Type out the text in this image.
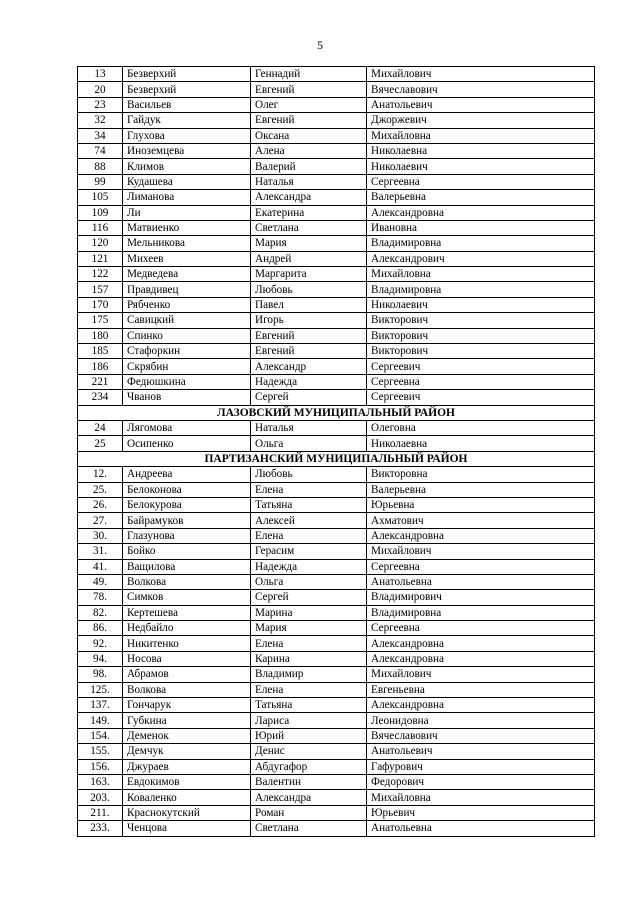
5
13	Безверхий	Геннадий	Михайлович
20	Безверхий	Евгений	Вячеславович
23	Васильев	Олег	Анатольевич
32	Гайдук	Евгений	Джоржевич
34	Глухова	Оксана	Михайловна
74	Иноземцева	Алена	Николаевна
88	Климов	Валерий	Николаевич
99	Кудашева	Наталья	Сергеевна
105	Лиманова	Александра	Валерьевна
109	Ли	Екатерина	Александровна
116	Матвиенко	Светлана	Ивановна
120	Мельникова	Мария	Владимировна
121	Михеев	Андрей	Александрович
122	Медведева	Маргарита	Михайловна
157	Правдивец	Любовь	Владимировна
170	Рябченко	Павел	Николаевич
175	Савицкий	Игорь	Викторович
180	Спинко	Евгений	Викторович
185	Стафоркин	Евгений	Викторович
186	Скрябин	Александр	Сергеевич
221	Федюшкина	Надежда	Сергеевна
234	Чванов	Сергей	Сергеевич
ЛАЗОВСКИЙ МУНИЦИПАЛЬНЫЙ РАЙОН			
24	Лягомова	Наталья	Олеговна
25	Осипенко	Ольга	Николаевна
ПАРТИЗАНСКИЙ МУНИЦИПАЛЬНЫЙ РАЙОН			
12.	Андреева	Любовь	Викторовна
25.	Белоконова	Елена	Валерьевна
26.	Белокурова	Татьяна	Юрьевна
27.	Байрамуков	Алексей	Ахматович
30.	Глазунова	Елена	Александровна
31.	Бойко	Герасим	Михайлович
41.	Ващилова	Надежда	Сергеевна
49.	Волкова	Ольга	Анатольевна
78.	Симков	Сергей	Владимирович
82.	Кертешева	Марина	Владимировна
86.	Недбайло	Мария	Сергеевна
92.	Никитенко	Елена	Александровна
94.	Носова	Карина	Александровна
98.	Абрамов	Владимир	Михайлович
125.	Волкова	Елена	Евгеньевна
137.	Гончарук	Татьяна	Александровна
149.	Губкина	Лариса	Леонидовна
154.	Деменок	Юрий	Вячеславович
155.	Демчук	Денис	Анатольевич
156.	Джураев	Абдугафор	Гафурович
163.	Евдокимов	Валентин	Федорович
203.	Коваленко	Александра	Михайловна
211.	Краснокутский	Роман	Юрьевич
233.	Ченцова	Светлана	Анатольевна
